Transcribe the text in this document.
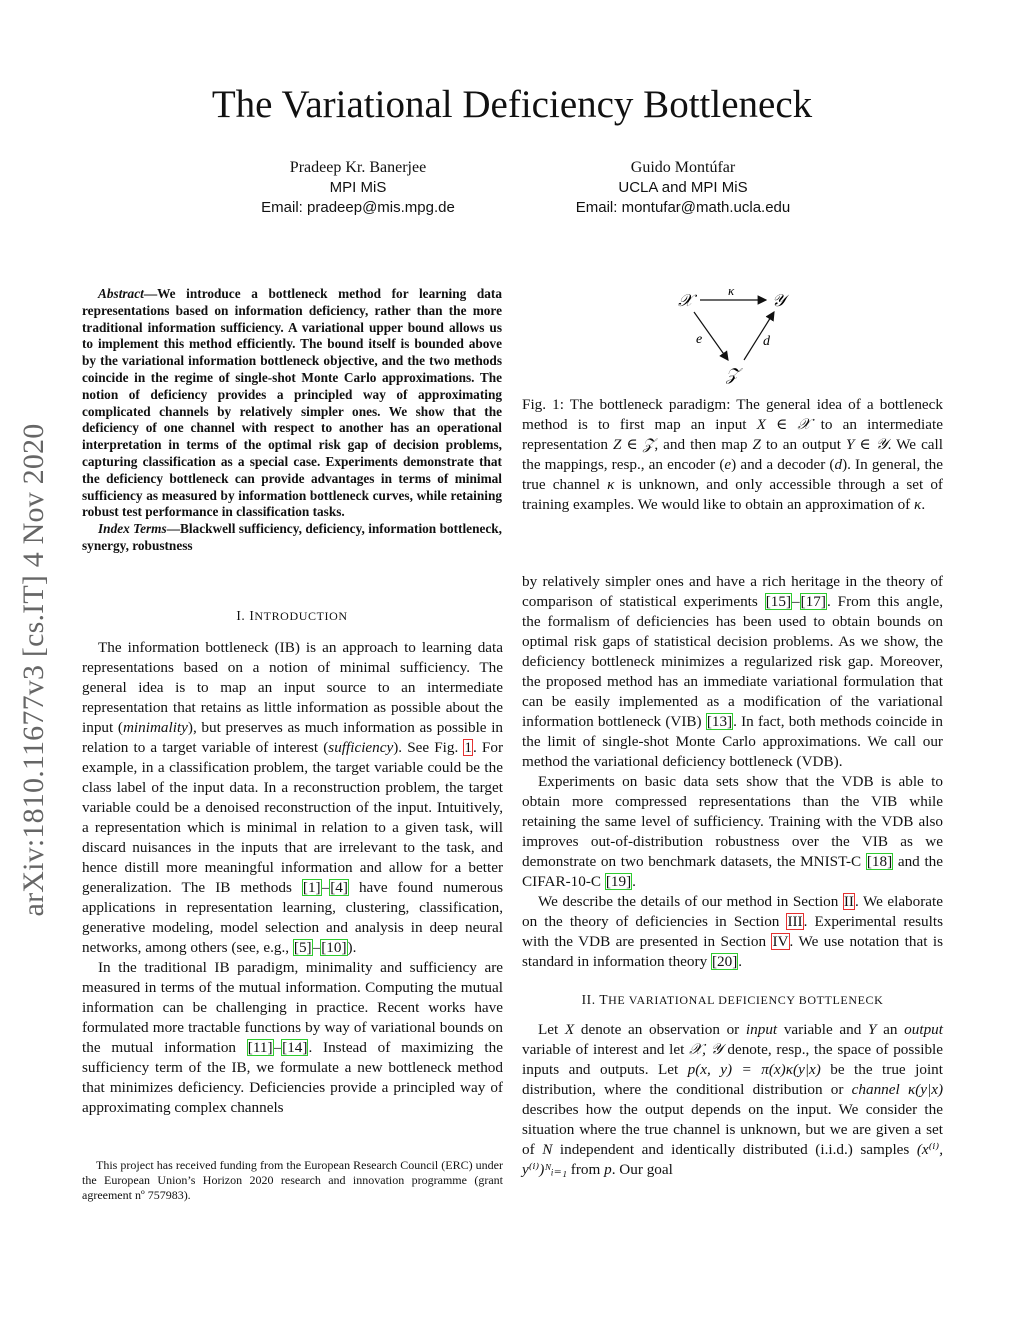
arXiv:1810.11677v3 [cs.IT] 4 Nov 2020
The Variational Deficiency Bottleneck
Pradeep Kr. Banerjee
MPI MiS
Email: pradeep@mis.mpg.de
Guido Montúfar
UCLA and MPI MiS
Email: montufar@math.ucla.edu
Abstract—We introduce a bottleneck method for learning data representations based on information deficiency, rather than the more traditional information sufficiency. A variational upper bound allows us to implement this method efficiently. The bound itself is bounded above by the variational information bottleneck objective, and the two methods coincide in the regime of single-shot Monte Carlo approximations. The notion of deficiency provides a principled way of approximating complicated channels by relatively simpler ones. We show that the deficiency of one channel with respect to another has an operational interpretation in terms of the optimal risk gap of decision problems, capturing classification as a special case. Experiments demonstrate that the deficiency bottleneck can provide advantages in terms of minimal sufficiency as measured by information bottleneck curves, while retaining robust test performance in classification tasks.
Index Terms—Blackwell sufficiency, deficiency, information bottleneck, synergy, robustness

I. INTRODUCTION

The information bottleneck (IB) is an approach to learning data representations based on a notion of minimal sufficiency. The general idea is to map an input source to an intermediate representation that retains as little information as possible about the input (minimality), but preserves as much information as possible in relation to a target variable of interest (sufficiency). See Fig. 1. For example, in a classification problem, the target variable could be the class label of the input data. In a reconstruction problem, the target variable could be a denoised reconstruction of the input. Intuitively, a representation which is minimal in relation to a given task, will discard nuisances in the inputs that are irrelevant to the task, and hence distill more meaningful information and allow for a better generalization. The IB methods [1]–[4] have found numerous applications in representation learning, clustering, classification, generative modeling, model selection and analysis in deep neural networks, among others (see, e.g., [5]–[10]).

In the traditional IB paradigm, minimality and sufficiency are measured in terms of the mutual information. Computing the mutual information can be challenging in practice. Recent works have formulated more tractable functions by way of variational bounds on the mutual information [11]–[14]. Instead of maximizing the sufficiency term of the IB, we formulate a new bottleneck method that minimizes deficiency. Deficiencies provide a principled way of approximating complex channels

This project has received funding from the European Research Council (ERC) under the European Union’s Horizon 2020 research and innovation programme (grant agreement nº 757983).
𝒳	𝒴
𝒵
κ
e	d
Fig. 1: The bottleneck paradigm: The general idea of a bottleneck method is to first map an input X ∈ 𝒳 to an intermediate representation Z ∈ 𝒵, and then map Z to an output Y ∈ 𝒴. We call the mappings, resp., an encoder (e) and a decoder (d). In general, the true channel κ is unknown, and only accessible through a set of training examples. We would like to obtain an approximation of κ.

by relatively simpler ones and have a rich heritage in the theory of comparison of statistical experiments [15]–[17]. From this angle, the formalism of deficiencies has been used to obtain bounds on optimal risk gaps of statistical decision problems. As we show, the deficiency bottleneck minimizes a regularized risk gap. Moreover, the proposed method has an immediate variational formulation that can be easily implemented as a modification of the variational information bottleneck (VIB) [13]. In fact, both methods coincide in the limit of single-shot Monte Carlo approximations. We call our method the variational deficiency bottleneck (VDB).

Experiments on basic data sets show that the VDB is able to obtain more compressed representations than the VIB while retaining the same level of sufficiency. Training with the VDB also improves out-of-distribution robustness over the VIB as we demonstrate on two benchmark datasets, the MNIST-C [18] and the CIFAR-10-C [19].

We describe the details of our method in Section II. We elaborate on the theory of deficiencies in Section III. Experimental results with the VDB are presented in Section IV. We use notation that is standard in information theory [20].

II. THE VARIATIONAL DEFICIENCY BOTTLENECK

Let X denote an observation or input variable and Y an output variable of interest and let 𝒳, 𝒴 denote, resp., the space of possible inputs and outputs. Let p(x, y) = π(x)κ(y|x) be the true joint distribution, where the conditional distribution or channel κ(y|x) describes how the output depends on the input. We consider the situation where the true channel is unknown, but we are given a set of N independent and identically distributed (i.i.d.) samples (x⁽ⁱ⁾, y⁽ⁱ⁾)ᴺᵢ₌₁ from p. Our goal
